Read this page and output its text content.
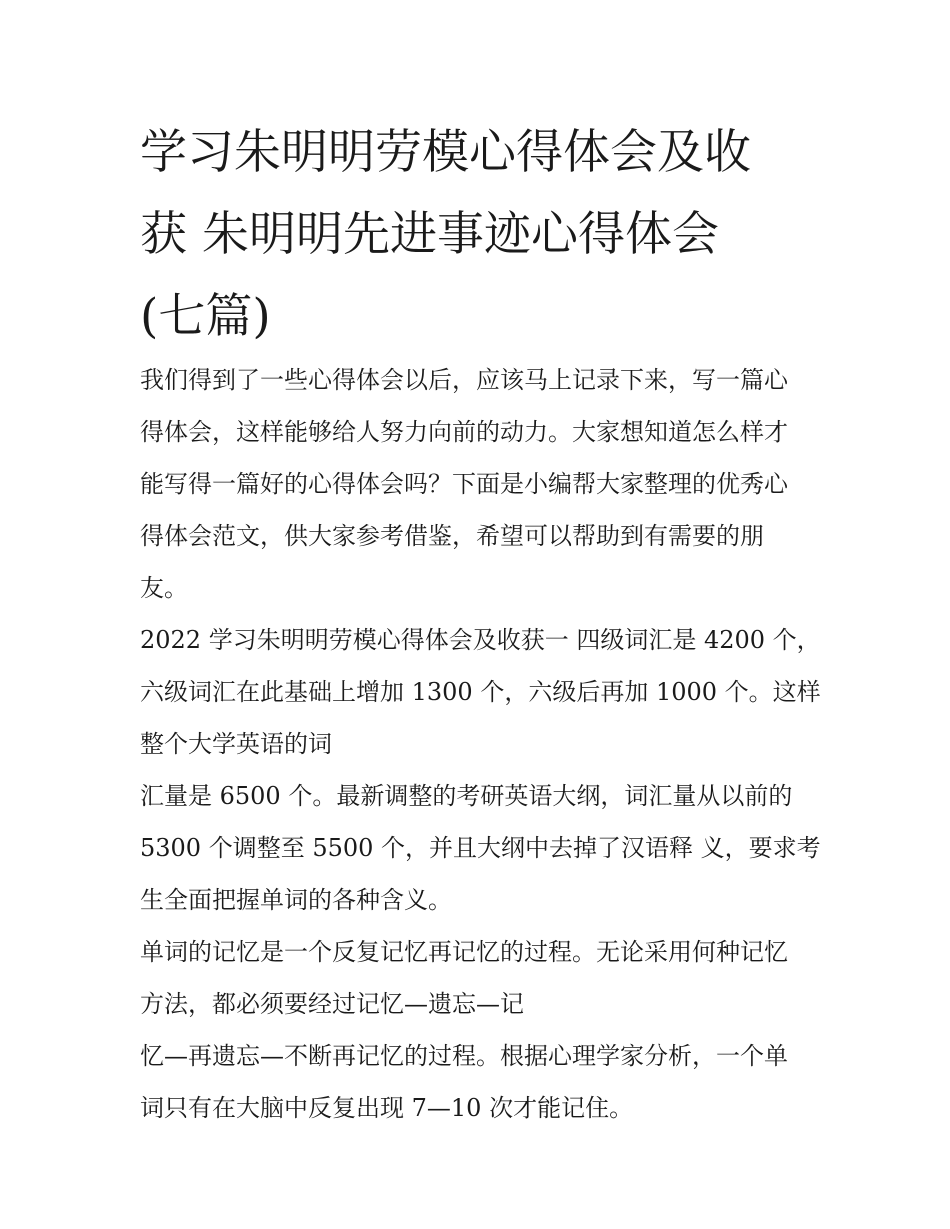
学习朱明明劳模心得体会及收
获 朱明明先进事迹心得体会
(七篇)
我们得到了一些心得体会以后，应该马上记录下来，写一篇心
得体会，这样能够给人努力向前的动力。大家想知道怎么样才
能写得一篇好的心得体会吗？下面是小编帮大家整理的优秀心
得体会范文，供大家参考借鉴，希望可以帮助到有需要的朋
友。
2022 学习朱明明劳模心得体会及收获一 四级词汇是 4200 个，
六级词汇在此基础上增加 1300 个，六级后再加 1000 个。这样
整个大学英语的词
汇量是 6500 个。最新调整的考研英语大纲，词汇量从以前的
5300 个调整至 5500 个，并且大纲中去掉了汉语释 义，要求考
生全面把握单词的各种含义。
单词的记忆是一个反复记忆再记忆的过程。无论采用何种记忆
方法，都必须要经过记忆—遗忘—记
忆—再遗忘—不断再记忆的过程。根据心理学家分析，一个单
词只有在大脑中反复出现 7—10 次才能记住。
